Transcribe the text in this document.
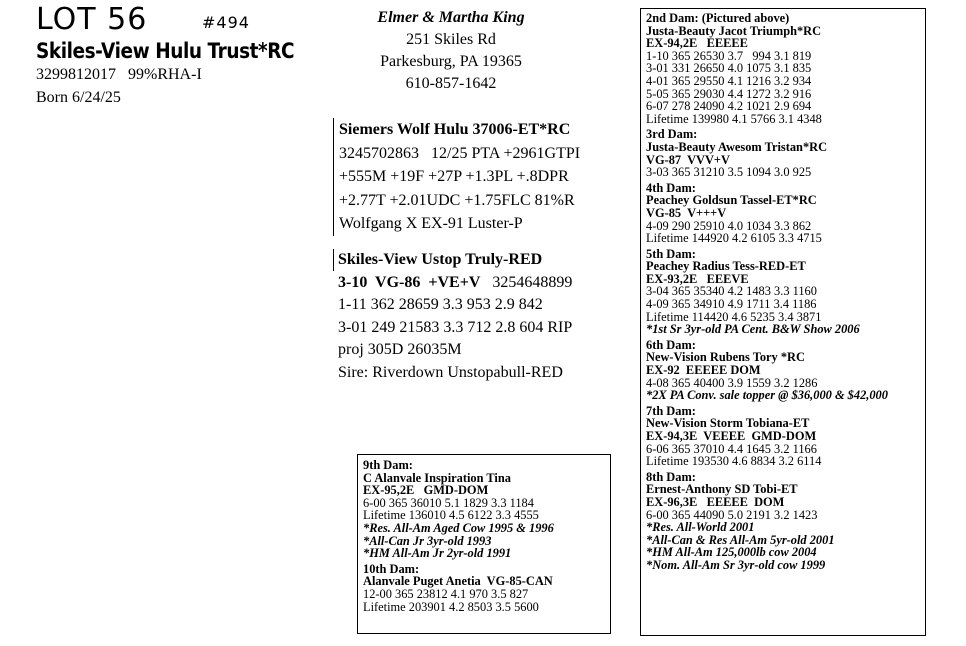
LOT 56	#494
Skiles-View Hulu Trust*RC
3299812017   99%RHA-I
Born 6/24/25
Elmer & Martha King
251 Skiles Rd
Parkesburg, PA 19365
610-857-1642
Siemers Wolf Hulu 37006-ET*RC
3245702863   12/25 PTA +2961GTPI
+555M +19F +27P +1.3PL +.8DPR
+2.77T +2.01UDC +1.75FLC 81%R
Wolfgang X EX-91 Luster-P
Skiles-View Ustop Truly-RED
3-10  VG-86  +VE+V 3254648899
1-11 362 28659 3.3 953 2.9 842
3-01 249 21583 3.3 712 2.8 604 RIP
proj 305D 26035M
Sire: Riverdown Unstopabull-RED
9th Dam:
C Alanvale Inspiration Tina
EX-95,2E   GMD-DOM
6-00 365 36010 5.1 1829 3.3 1184
Lifetime 136010 4.5 6122 3.3 4555
*Res. All-Am Aged Cow 1995 & 1996
*All-Can Jr 3yr-old 1993
*HM All-Am Jr 2yr-old 1991
10th Dam:
Alanvale Puget Anetia  VG-85-CAN
12-00 365 23812 4.1 970 3.5 827
Lifetime 203901 4.2 8503 3.5 5600
2nd Dam: (Pictured above)
Justa-Beauty Jacot Triumph*RC
EX-94,2E   EEEEE
1-10 365 26530 3.7   994 3.1 819
3-01 331 26650 4.0 1075 3.1 835
4-01 365 29550 4.1 1216 3.2 934
5-05 365 29030 4.4 1272 3.2 916
6-07 278 24090 4.2 1021 2.9 694
Lifetime 139980 4.1 5766 3.1 4348
3rd Dam:
Justa-Beauty Awesom Tristan*RC
VG-87  VVV+V
3-03 365 31210 3.5 1094 3.0 925
4th Dam:
Peachey Goldsun Tassel-ET*RC
VG-85  V+++V
4-09 290 25910 4.0 1034 3.3 862
Lifetime 144920 4.2 6105 3.3 4715
5th Dam:
Peachey Radius Tess-RED-ET
EX-93,2E   EEEVE
3-04 365 35340 4.2 1483 3.3 1160
4-09 365 34910 4.9 1711 3.4 1186
Lifetime 114420 4.6 5235 3.4 3871
*1st Sr 3yr-old PA Cent. B&W Show 2006
6th Dam:
New-Vision Rubens Tory *RC
EX-92  EEEEE DOM
4-08 365 40400 3.9 1559 3.2 1286
*2X PA Conv. sale topper @ $36,000 & $42,000
7th Dam:
New-Vision Storm Tobiana-ET
EX-94,3E  VEEEE  GMD-DOM
6-06 365 37010 4.4 1645 3.2 1166
Lifetime 193530 4.6 8834 3.2 6114
8th Dam:
Ernest-Anthony SD Tobi-ET
EX-96,3E   EEEEE  DOM
6-00 365 44090 5.0 2191 3.2 1423
*Res. All-World 2001
*All-Can & Res All-Am 5yr-old 2001
*HM All-Am 125,000lb cow 2004
*Nom. All-Am Sr 3yr-old cow 1999
